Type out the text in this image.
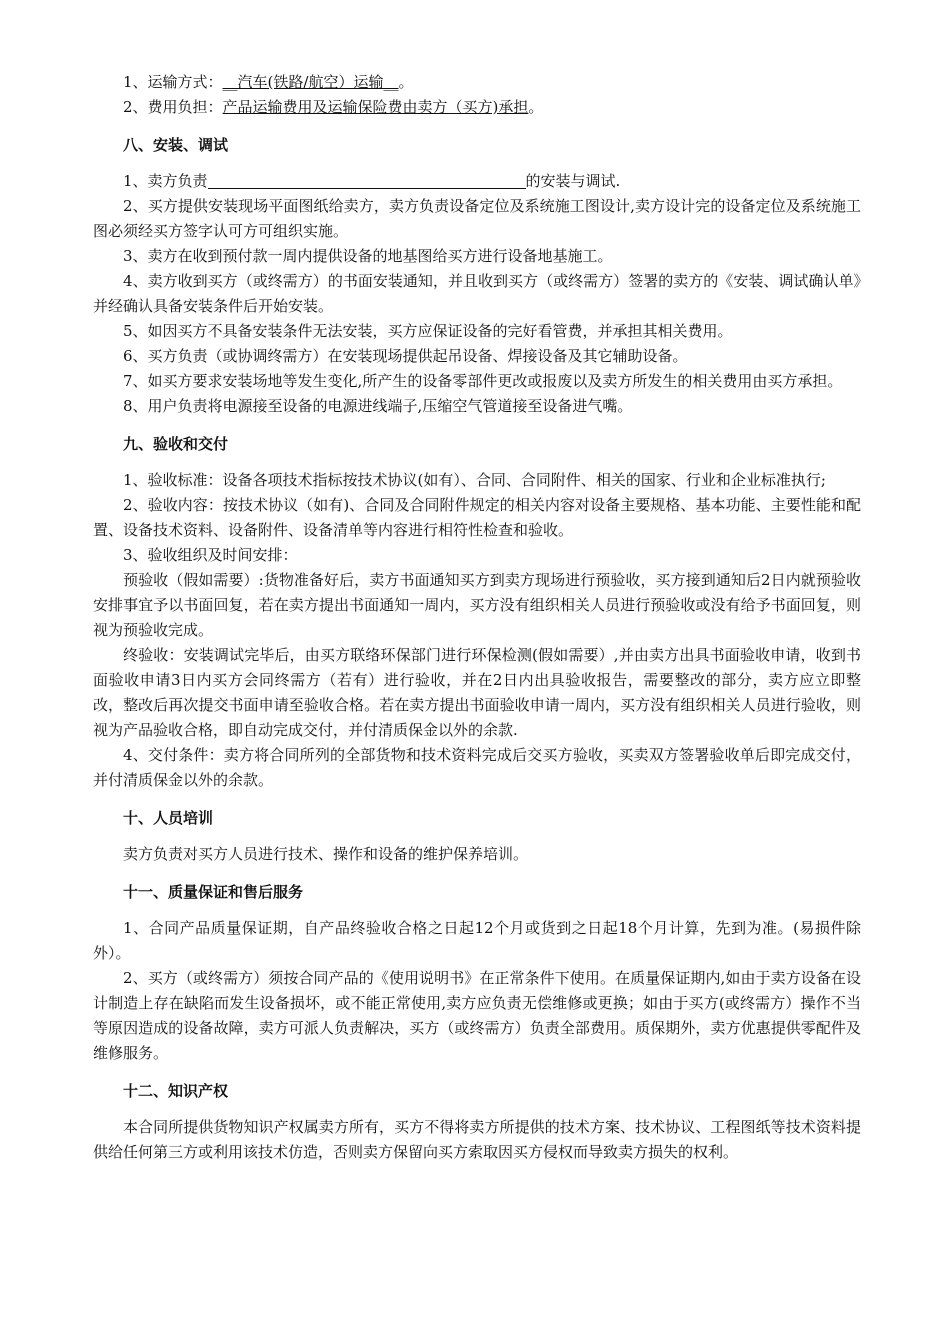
1、运输方式：__汽车(铁路/航空）运输__。

2、费用负担：产品运输费用及运输保险费由卖方（买方)承担。

八、安装、调试

1、卖方负责	的安装与调试.

2、买方提供安装现场平面图纸给卖方，卖方负责设备定位及系统施工图设计,卖方设计完的设备定位及系统施工图必须经买方签字认可方可组织实施。

3、卖方在收到预付款一周内提供设备的地基图给买方进行设备地基施工。

4、卖方收到买方（或终需方）的书面安装通知，并且收到买方（或终需方）签署的卖方的《安装、调试确认单》并经确认具备安装条件后开始安装。

5、如因买方不具备安装条件无法安装，买方应保证设备的完好看管费，并承担其相关费用。

6、买方负责（或协调终需方）在安装现场提供起吊设备、焊接设备及其它辅助设备。

7、如买方要求安装场地等发生变化,所产生的设备零部件更改或报废以及卖方所发生的相关费用由买方承担。

8、用户负责将电源接至设备的电源进线端子,压缩空气管道接至设备进气嘴。

九、验收和交付

1、验收标准：设备各项技术指标按技术协议(如有）、合同、合同附件、相关的国家、行业和企业标准执行;

2、验收内容：按技术协议（如有)、合同及合同附件规定的相关内容对设备主要规格、基本功能、主要性能和配置、设备技术资料、设备附件、设备清单等内容进行相符性检查和验收。

3、验收组织及时间安排：

预验收（假如需要）:货物准备好后，卖方书面通知买方到卖方现场进行预验收，买方接到通知后2日内就预验收安排事宜予以书面回复，若在卖方提出书面通知一周内，买方没有组织相关人员进行预验收或没有给予书面回复，则视为预验收完成。

终验收：安装调试完毕后，由买方联络环保部门进行环保检测(假如需要）,并由卖方出具书面验收申请，收到书面验收申请3日内买方会同终需方（若有）进行验收，并在2日内出具验收报告，需要整改的部分，卖方应立即整改，整改后再次提交书面申请至验收合格。若在卖方提出书面验收申请一周内，买方没有组织相关人员进行验收，则视为产品验收合格，即自动完成交付，并付清质保金以外的余款.

4、交付条件：卖方将合同所列的全部货物和技术资料完成后交买方验收，买卖双方签署验收单后即完成交付，并付清质保金以外的余款。

十、人员培训

卖方负责对买方人员进行技术、操作和设备的维护保养培训。

十一、质量保证和售后服务

1、合同产品质量保证期，自产品终验收合格之日起12个月或货到之日起18个月计算，先到为准。(易损件除外）。

2、买方（或终需方）须按合同产品的《使用说明书》在正常条件下使用。在质量保证期内,如由于卖方设备在设计制造上存在缺陷而发生设备损坏，或不能正常使用,卖方应负责无偿维修或更换；如由于买方(或终需方）操作不当等原因造成的设备故障，卖方可派人负责解决，买方（或终需方）负责全部费用。质保期外，卖方优惠提供零配件及维修服务。

十二、知识产权

本合同所提供货物知识产权属卖方所有，买方不得将卖方所提供的技术方案、技术协议、工程图纸等技术资料提供给任何第三方或利用该技术仿造，否则卖方保留向买方索取因买方侵权而导致卖方损失的权利。
